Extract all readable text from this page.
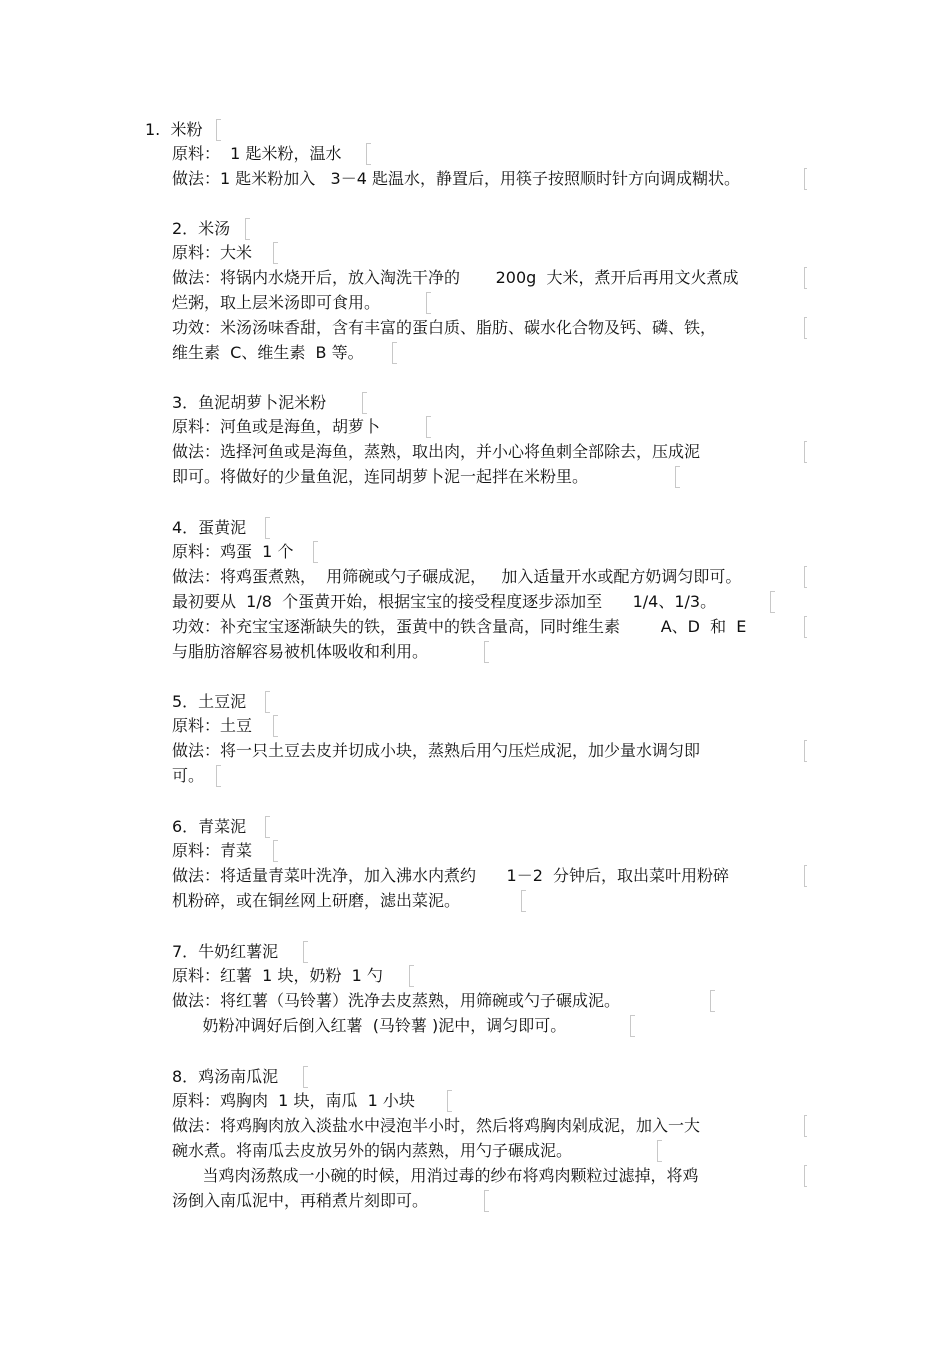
1.  米粉
原料：  1 匙米粉，温水
做法：1 匙米粉加入   3－4 匙温水，静置后，用筷子按照顺时针方向调成糊状。
2．米汤
原料：大米
做法：将锅内水烧开后，放入淘洗干净的       200g  大米，煮开后再用文火煮成
烂粥，取上层米汤即可食用。
功效：米汤汤味香甜，含有丰富的蛋白质、脂肪、碳水化合物及钙、磷、铁，
维生素  C、维生素  B 等。
3．鱼泥胡萝卜泥米粉
原料：河鱼或是海鱼，胡萝卜
做法：选择河鱼或是海鱼，蒸熟，取出肉，并小心将鱼刺全部除去，压成泥
即可。将做好的少量鱼泥，连同胡萝卜泥一起拌在米粉里。
4．蛋黄泥
原料：鸡蛋  1 个
做法：将鸡蛋煮熟，  用筛碗或勺子碾成泥，   加入适量开水或配方奶调匀即可。
最初要从  1/8  个蛋黄开始，根据宝宝的接受程度逐步添加至      1/4、1/3。
功效：补充宝宝逐渐缺失的铁，蛋黄中的铁含量高，同时维生素        A、D  和  E
与脂肪溶解容易被机体吸收和利用。
5．土豆泥
原料：土豆
做法：将一只土豆去皮并切成小块，蒸熟后用勺压烂成泥，加少量水调匀即
可。
6．青菜泥
原料：青菜
做法：将适量青菜叶洗净，加入沸水内煮约      1－2  分钟后，取出菜叶用粉碎
机粉碎，或在铜丝网上研磨，滤出菜泥。
7．牛奶红薯泥
原料：红薯  1 块，奶粉  1 勺
做法：将红薯（马铃薯）洗净去皮蒸熟，用筛碗或勺子碾成泥。
奶粉冲调好后倒入红薯  (马铃薯 )泥中，调匀即可。
8．鸡汤南瓜泥
原料：鸡胸肉  1 块，南瓜  1 小块
做法：将鸡胸肉放入淡盐水中浸泡半小时，然后将鸡胸肉剁成泥，加入一大
碗水煮。将南瓜去皮放另外的锅内蒸熟，用勺子碾成泥。
当鸡肉汤熬成一小碗的时候，用消过毒的纱布将鸡肉颗粒过滤掉，将鸡
汤倒入南瓜泥中，再稍煮片刻即可。
